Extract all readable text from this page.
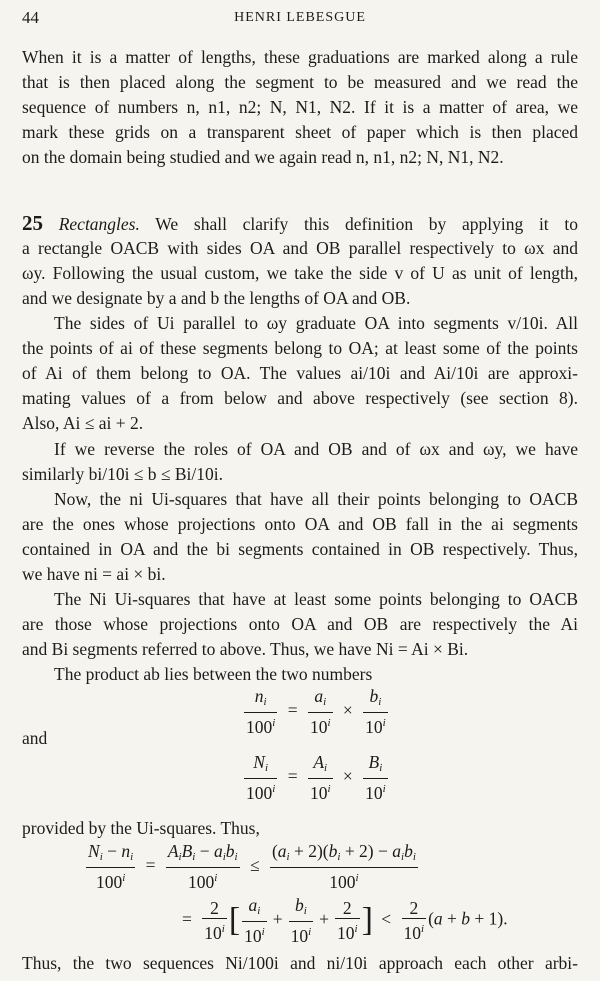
44	HENRI LEBESGUE
When it is a matter of lengths, these graduations are marked along a rule
that is then placed along the segment to be measured and we read the
sequence of numbers n, n1, n2; N, N1, N2. If it is a matter of area, we
mark these grids on a transparent sheet of paper which is then placed
on the domain being studied and we again read n, n1, n2; N, N1, N2.
25 Rectangles. We shall clarify this definition by applying it to
a rectangle OACB with sides OA and OB parallel respectively to ωx and
ωy. Following the usual custom, we take the side v of U as unit of length,
and we designate by a and b the lengths of OA and OB.
The sides of Ui parallel to ωy graduate OA into segments v/10i. All
the points of ai of these segments belong to OA; at least some of the points
of Ai of them belong to OA. The values ai/10i and Ai/10i are approxi-
mating values of a from below and above respectively (see section 8).
Also, Ai ≤ ai + 2.
If we reverse the roles of OA and OB and of ωx and ωy, we have
similarly bi/10i ≤ b ≤ Bi/10i.
Now, the ni Ui-squares that have all their points belonging to OACB
are the ones whose projections onto OA and OB fall in the ai segments
contained in OA and the bi segments contained in OB respectively. Thus,
we have ni = ai × bi.
The Ni Ui-squares that have at least some points belonging to OACB
are those whose projections onto OA and OB are respectively the Ai
and Bi segments referred to above. Thus, we have Ni = Ai × Bi.
The product ab lies between the two numbers
$\frac{n_i}{100^i} = \frac{a_i}{10^i} \times \frac{b_i}{10^i}$
and
$\frac{N_i}{100^i} = \frac{A_i}{10^i} \times \frac{B_i}{10^i}$
provided by the Ui-squares. Thus,
$\frac{N_i - n_i}{100^i} = \frac{A_iB_i - a_ib_i}{100^i} \le \frac{(a_i + 2)(b_i + 2) - a_ib_i}{100^i}$
= $\frac{2}{10^i}$ [ $\frac{a_i}{10^i} + \frac{b_i}{10^i} + \frac{2}{10^i}$ ] < $\frac{2}{10^i} (a + b + 1)$.
Thus, the two sequences Ni/100i and ni/10i approach each other arbi-
